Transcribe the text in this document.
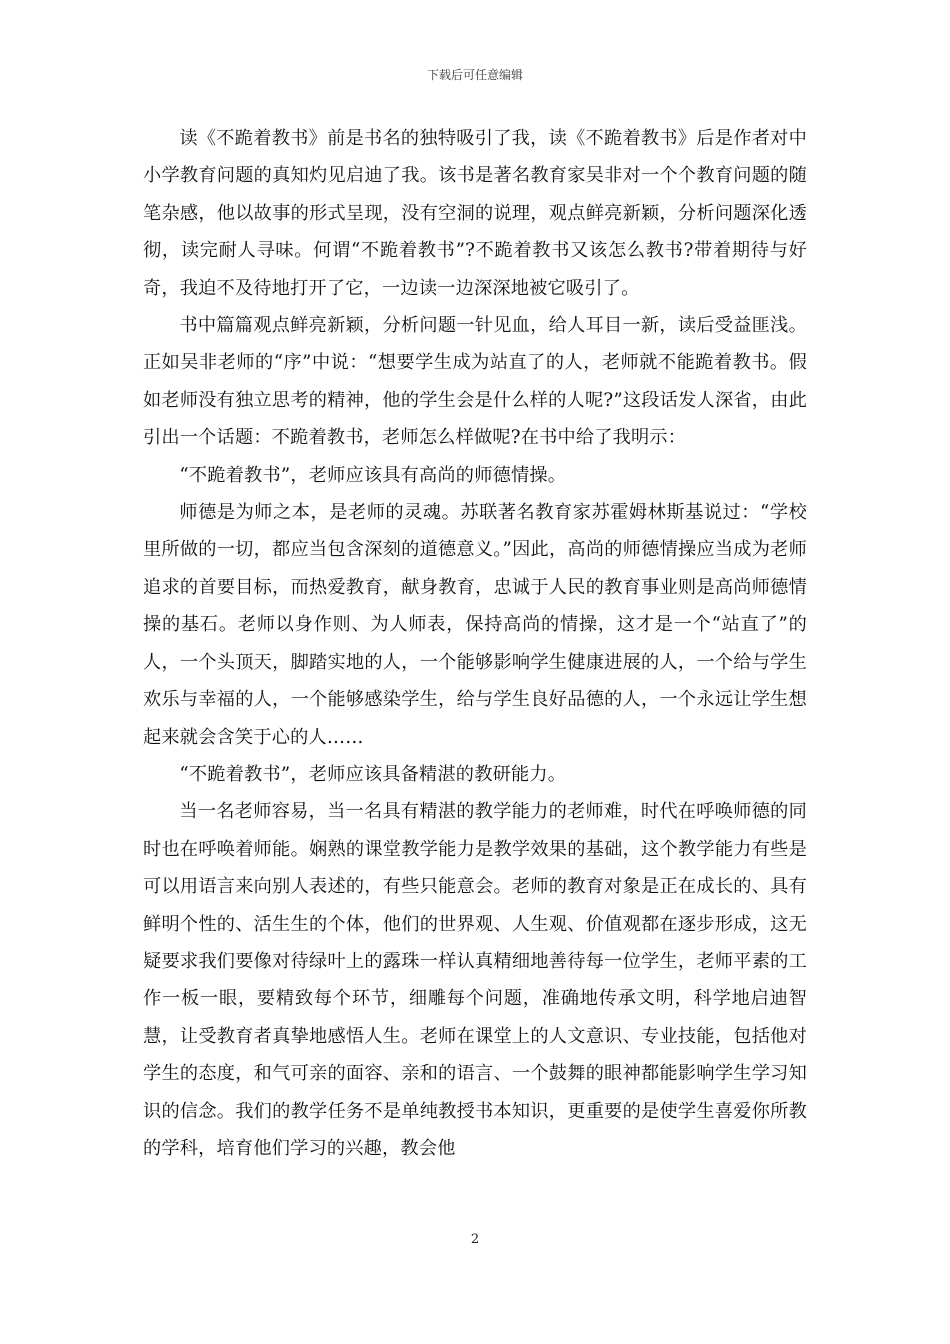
下载后可任意编辑

读《不跪着教书》前是书名的独特吸引了我，读《不跪着教书》后是作者对中小学教育问题的真知灼见启迪了我。该书是著名教育家吴非对一个个教育问题的随笔杂感，他以故事的形式呈现，没有空洞的说理，观点鲜亮新颖，分析问题深化透彻，读完耐人寻味。何谓“不跪着教书”?不跪着教书又该怎么教书?带着期待与好奇，我迫不及待地打开了它，一边读一边深深地被它吸引了。

书中篇篇观点鲜亮新颖，分析问题一针见血，给人耳目一新，读后受益匪浅。正如吴非老师的“序”中说：“想要学生成为站直了的人，老师就不能跪着教书。假如老师没有独立思考的精神，他的学生会是什么样的人呢?”这段话发人深省，由此引出一个话题：不跪着教书，老师怎么样做呢?在书中给了我明示：

“不跪着教书”，老师应该具有高尚的师德情操。

师德是为师之本，是老师的灵魂。苏联著名教育家苏霍姆林斯基说过：“学校里所做的一切，都应当包含深刻的道德意义。”因此，高尚的师德情操应当成为老师追求的首要目标，而热爱教育，献身教育，忠诚于人民的教育事业则是高尚师德情操的基石。老师以身作则、为人师表，保持高尚的情操，这才是一个“站直了”的人，一个头顶天，脚踏实地的人，一个能够影响学生健康进展的人，一个给与学生欢乐与幸福的人，一个能够感染学生，给与学生良好品德的人，一个永远让学生想起来就会含笑于心的人……

“不跪着教书”，老师应该具备精湛的教研能力。

当一名老师容易，当一名具有精湛的教学能力的老师难，时代在呼唤师德的同时也在呼唤着师能。娴熟的课堂教学能力是教学效果的基础，这个教学能力有些是可以用语言来向别人表述的，有些只能意会。老师的教育对象是正在成长的、具有鲜明个性的、活生生的个体，他们的世界观、人生观、价值观都在逐步形成，这无疑要求我们要像对待绿叶上的露珠一样认真精细地善待每一位学生，老师平素的工作一板一眼，要精致每个环节，细雕每个问题，准确地传承文明，科学地启迪智慧，让受教育者真挚地感悟人生。老师在课堂上的人文意识、专业技能，包括他对学生的态度，和气可亲的面容、亲和的语言、一个鼓舞的眼神都能影响学生学习知识的信念。我们的教学任务不是单纯教授书本知识，更重要的是使学生喜爱你所教的学科，培育他们学习的兴趣，教会他

2
